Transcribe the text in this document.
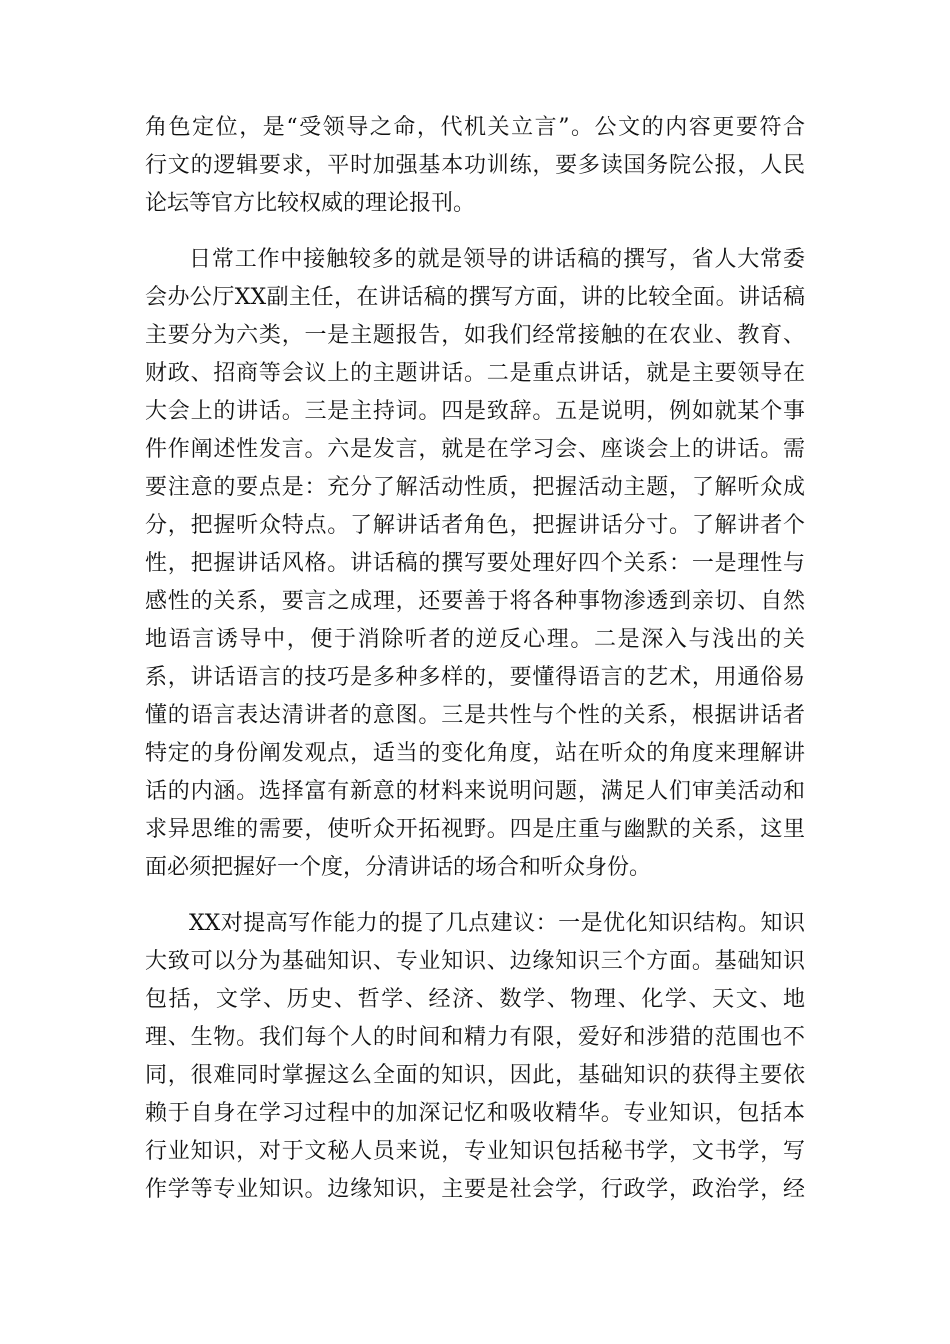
角色定位，是“受领导之命，代机关立言”。公文的内容更要符合
行文的逻辑要求，平时加强基本功训练，要多读国务院公报，人民
论坛等官方比较权威的理论报刊。
日常工作中接触较多的就是领导的讲话稿的撰写，省人大常委
会办公厅XX副主任，在讲话稿的撰写方面，讲的比较全面。讲话稿
主要分为六类，一是主题报告，如我们经常接触的在农业、教育、
财政、招商等会议上的主题讲话。二是重点讲话，就是主要领导在
大会上的讲话。三是主持词。四是致辞。五是说明，例如就某个事
件作阐述性发言。六是发言，就是在学习会、座谈会上的讲话。需
要注意的要点是：充分了解活动性质，把握活动主题，了解听众成
分，把握听众特点。了解讲话者角色，把握讲话分寸。了解讲者个
性，把握讲话风格。讲话稿的撰写要处理好四个关系：一是理性与
感性的关系，要言之成理，还要善于将各种事物渗透到亲切、自然
地语言诱导中，便于消除听者的逆反心理。二是深入与浅出的关
系，讲话语言的技巧是多种多样的，要懂得语言的艺术，用通俗易
懂的语言表达清讲者的意图。三是共性与个性的关系，根据讲话者
特定的身份阐发观点，适当的变化角度，站在听众的角度来理解讲
话的内涵。选择富有新意的材料来说明问题，满足人们审美活动和
求异思维的需要，使听众开拓视野。四是庄重与幽默的关系，这里
面必须把握好一个度，分清讲话的场合和听众身份。
XX对提高写作能力的提了几点建议：一是优化知识结构。知识
大致可以分为基础知识、专业知识、边缘知识三个方面。基础知识
包括，文学、历史、哲学、经济、数学、物理、化学、天文、地
理、生物。我们每个人的时间和精力有限，爱好和涉猎的范围也不
同，很难同时掌握这么全面的知识，因此，基础知识的获得主要依
赖于自身在学习过程中的加深记忆和吸收精华。专业知识，包括本
行业知识，对于文秘人员来说，专业知识包括秘书学，文书学，写
作学等专业知识。边缘知识，主要是社会学，行政学，政治学，经
